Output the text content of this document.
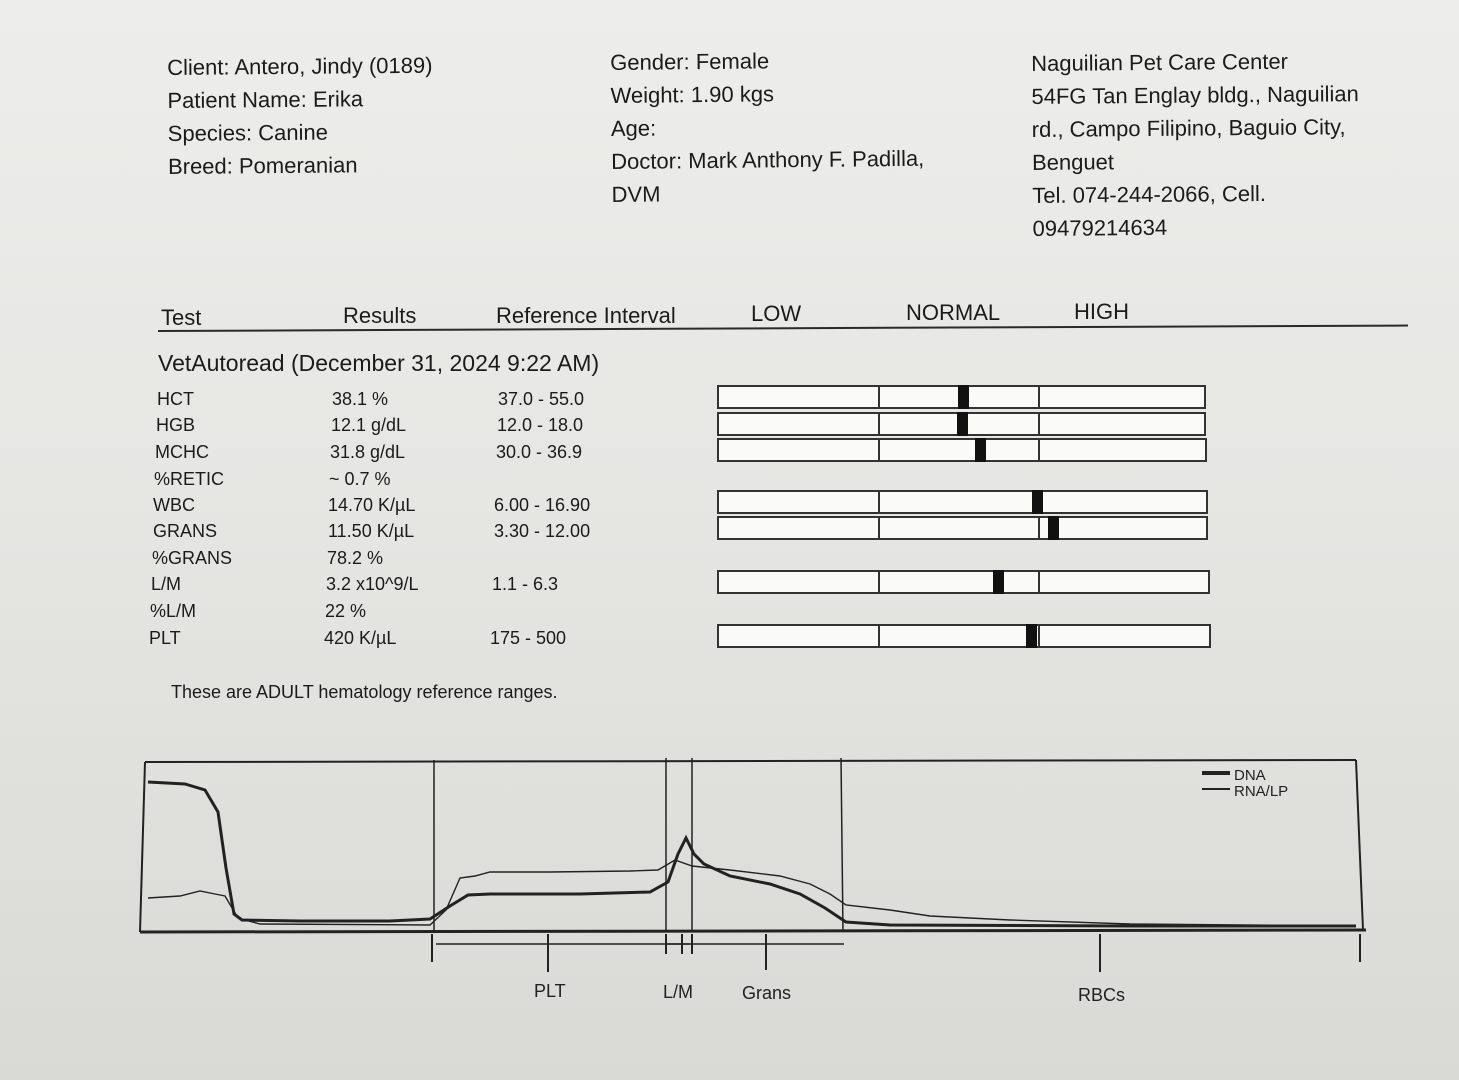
Client: Antero, Jindy (0189)
Patient Name: Erika
Species: Canine
Breed: Pomeranian
Gender: Female
Weight: 1.90 kgs
Age:
Doctor: Mark Anthony F. Padilla,
DVM
Naguilian Pet Care Center
54FG Tan Englay bldg., Naguilian
rd., Campo Filipino, Baguio City,
Benguet
Tel. 074-244-2066, Cell.
09479214634
Test	Results	Reference Interval	LOW	NORMAL	HIGH
VetAutoread (December 31, 2024 9:22 AM)
HCT	38.1 %	37.0 - 55.0
HGB	12.1 g/dL	12.0 - 18.0
MCHC	31.8 g/dL	30.0 - 36.9
%RETIC	~ 0.7 %
WBC	14.70 K/µL	6.00 - 16.90
GRANS	11.50 K/µL	3.30 - 12.00
%GRANS	78.2 %
L/M	3.2 x10^9/L	1.1 - 6.3
%L/M	22 %
PLT	420 K/µL	175 - 500
These are ADULT hematology reference ranges.
DNA
RNA/LP
PLT	L/M	Grans	RBCs
